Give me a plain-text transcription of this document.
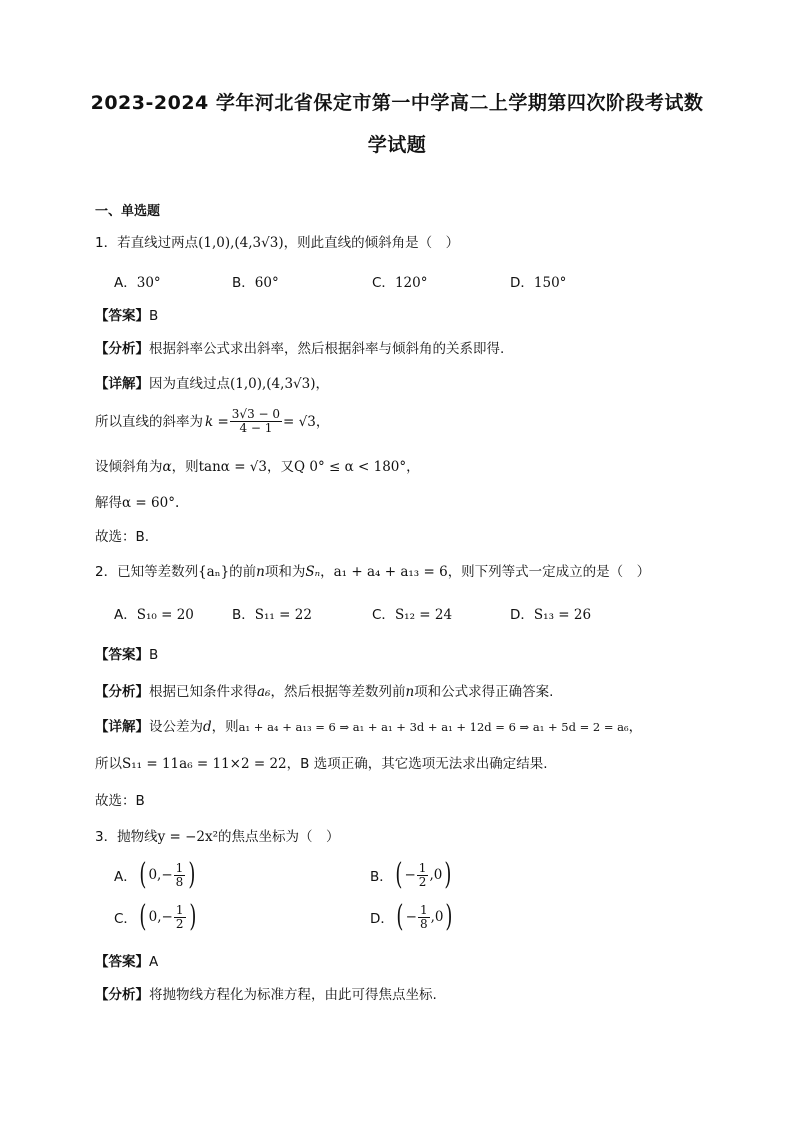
2023-2024 学年河北省保定市第一中学高二上学期第四次阶段考试数
学试题
一、单选题
1．若直线过两点(1,0),(4,3√3)，则此直线的倾斜角是（　）
A．30°	B．60°	C．120°	D．150°
【答案】B
【分析】根据斜率公式求出斜率，然后根据斜率与倾斜角的关系即得.
【详解】因为直线过点(1,0),(4,3√3)，
所以直线的斜率为 $k = \frac{3√3 - 0}{4 - 1} = √3$ ，
设倾斜角为α，则tanα = √3，又Q 0° ≤ α < 180°，
解得α = 60°.
故选：B.
2．已知等差数列{aₙ}的前n项和为Sₙ，a₁ + a₄ + a₁₃ = 6，则下列等式一定成立的是（　）
A．S₁₀ = 20	B．S₁₁ = 22	C．S₁₂ = 24	D．S₁₃ = 26
【答案】B
【分析】根据已知条件求得a₆，然后根据等差数列前n项和公式求得正确答案.
【详解】设公差为d，则a₁ + a₄ + a₁₃ = 6 ⇒ a₁ + a₁ + 3d + a₁ + 12d = 6 ⇒ a₁ + 5d = 2 = a₆，
所以S₁₁ = 11a₆ = 11×2 = 22，B 选项正确，其它选项无法求出确定结果.
故选：B
3．抛物线y = −2x²的焦点坐标为（　）
A． ( $0,- \frac{1}{8}$ )	B． ( − $\frac{1}{2} ,0$ )
C． ( $0,- \frac{1}{2}$ )	D． ( − $\frac{1}{8} ,0$ )
【答案】A
【分析】将抛物线方程化为标准方程，由此可得焦点坐标.
